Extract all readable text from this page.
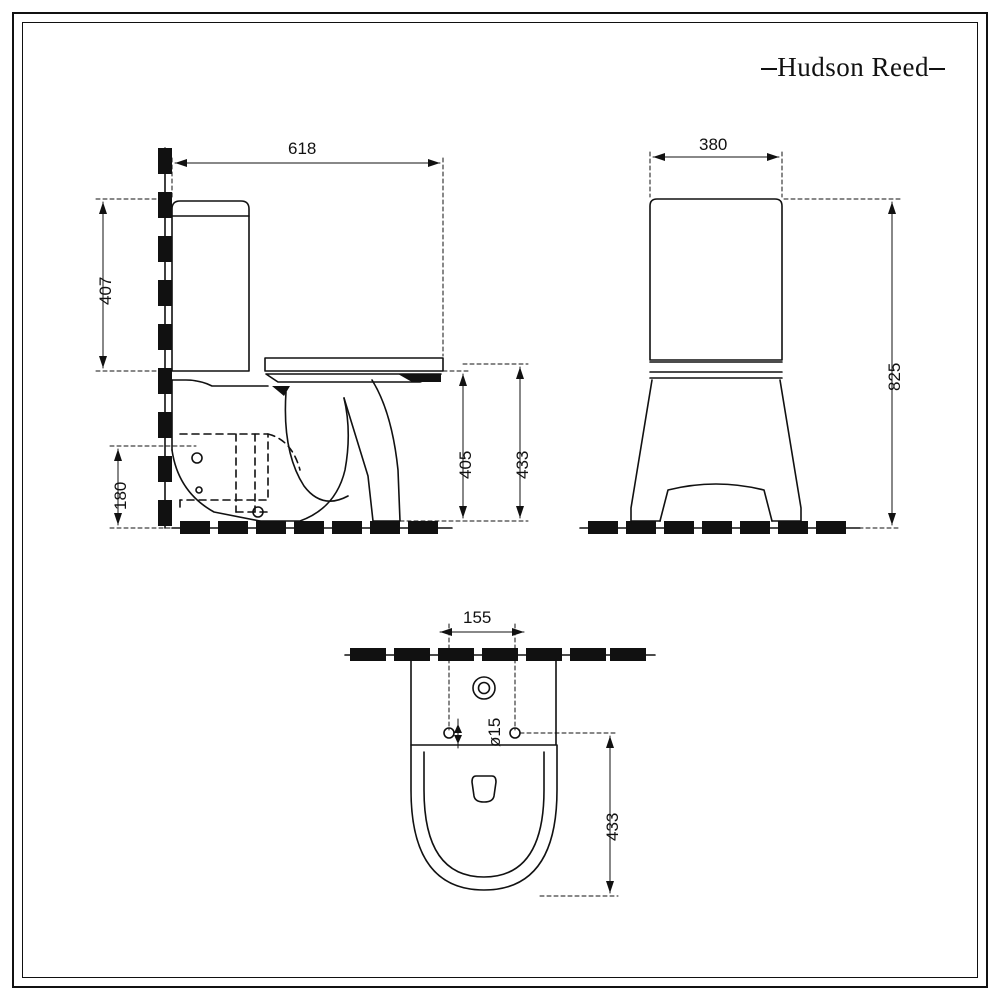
Hudson Reed
618
407
180
405 433
380
825
155
ø15
433
